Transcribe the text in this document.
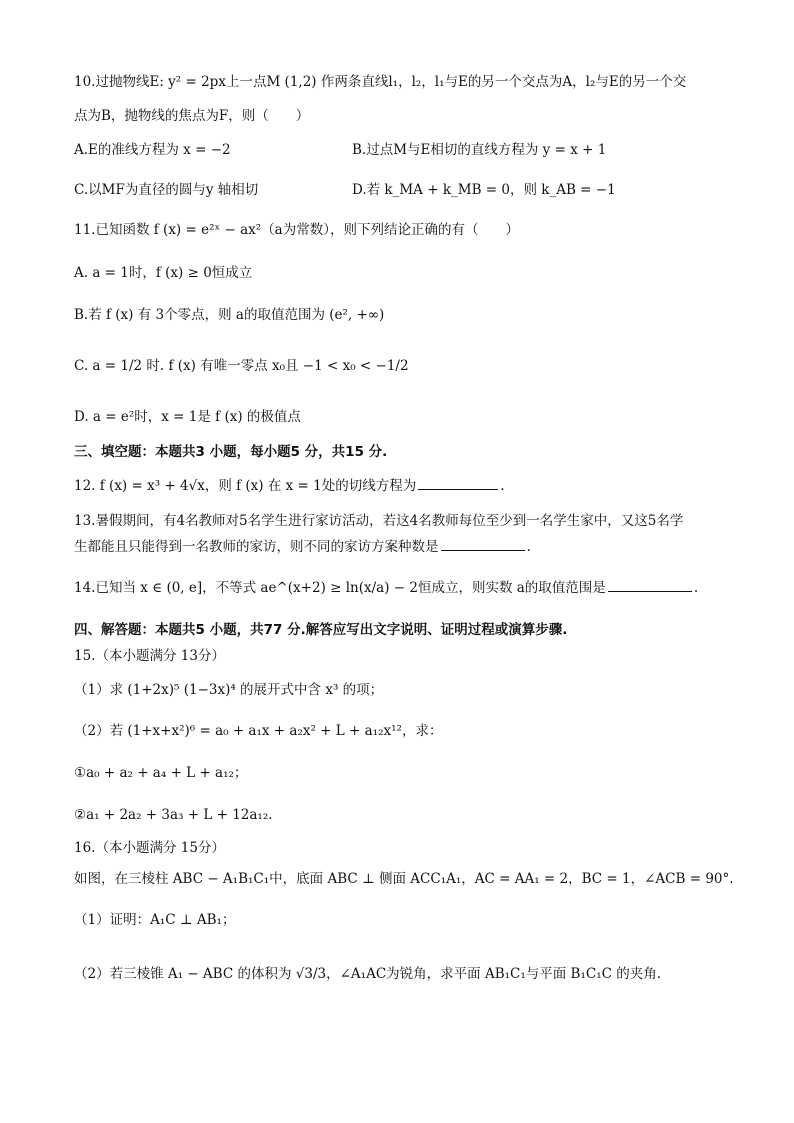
10.过抛物线E: y² = 2px上一点M (1,2) 作两条直线l₁，l₂，l₁与E的另一个交点为A，l₂与E的另一个交
点为B，抛物线的焦点为F，则（　　）
A.E的准线方程为 x = −2	B.过点M与E相切的直线方程为 y = x + 1
C.以MF为直径的圆与y 轴相切	D.若 k_MA + k_MB = 0，则 k_AB = −1
11.已知函数 f (x) = e²ˣ − ax²（a为常数），则下列结论正确的有（　　）
A. a = 1时，f (x) ≥ 0恒成立
B.若 f (x) 有 3个零点，则 a的取值范围为 (e², +∞)
C. a = 1/2 时. f (x) 有唯一零点 x₀且 −1 < x₀ < −1/2
D. a = e²时，x = 1是 f (x) 的极值点
三、填空题：本题共3 小题，每小题5 分，共15 分.
12. f (x) = x³ + 4√x，则 f (x) 在 x = 1处的切线方程为	.
13.暑假期间，有4名教师对5名学生进行家访活动，若这4名教师每位至少到一名学生家中，又这5名学
生都能且只能得到一名教师的家访，则不同的家访方案种数是	.
14.已知当 x ∈ (0, e]，不等式 ae^(x+2) ≥ ln(x/a) − 2恒成立，则实数 a的取值范围是	.
四、解答题：本题共5 小题，共77 分.解答应写出文字说明、证明过程或演算步骤.
15.（本小题满分 13分）
（1）求 (1+2x)⁵ (1−3x)⁴ 的展开式中含 x³ 的项；
（2）若 (1+x+x²)⁶ = a₀ + a₁x + a₂x² + L + a₁₂x¹²，求：
①a₀ + a₂ + a₄ + L + a₁₂；
②a₁ + 2a₂ + 3a₃ + L + 12a₁₂.
16.（本小题满分 15分）
如图，在三棱柱 ABC − A₁B₁C₁中，底面 ABC ⊥ 侧面 ACC₁A₁，AC = AA₁ = 2，BC = 1，∠ACB = 90°.
（1）证明：A₁C ⊥ AB₁；
（2）若三棱锥 A₁ − ABC 的体积为 √3/3，∠A₁AC为锐角，求平面 AB₁C₁与平面 B₁C₁C 的夹角.
